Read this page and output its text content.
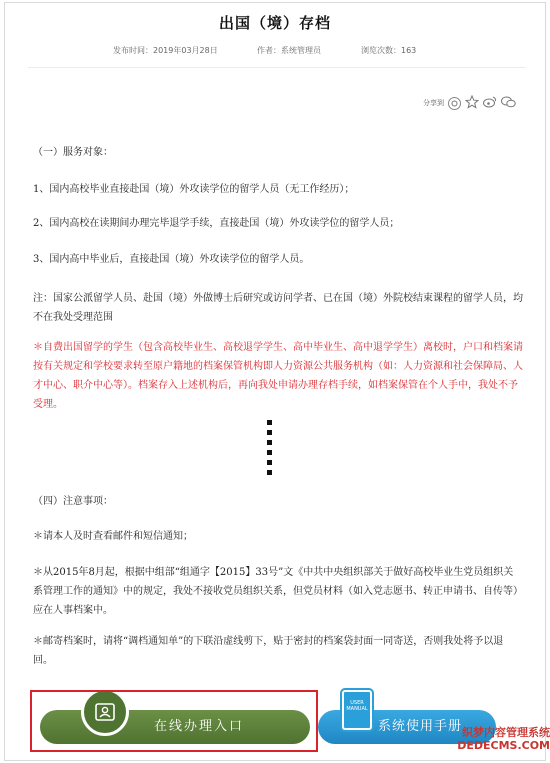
出国（境）存档
发布时间：2019年03月28日	作者：系统管理员	浏览次数：163
分享到
（一）服务对象：
1、国内高校毕业直接赴国（境）外攻读学位的留学人员（无工作经历）；
2、国内高校在读期间办理完毕退学手续，直接赴国（境）外攻读学位的留学人员；
3、国内高中毕业后，直接赴国（境）外攻读学位的留学人员。
注：国家公派留学人员、赴国（境）外做博士后研究或访问学者、已在国（境）外院校结束课程的留学人员，均不在我处受理范围
＊自费出国留学的学生（包含高校毕业生、高校退学学生、高中毕业生、高中退学学生）离校时，户口和档案请按有关规定和学校要求转至原户籍地的档案保管机构即人力资源公共服务机构（如：人力资源和社会保障局、人才中心、职介中心等）。档案存入上述机构后，再向我处申请办理存档手续，如档案保管在个人手中，我处不予受理。
（四）注意事项：
＊请本人及时查看邮件和短信通知；
＊从2015年8月起，根据中组部“组通字【2015】33号”文《中共中央组织部关于做好高校毕业生党员组织关系管理工作的通知》中的规定，我处不接收党员组织关系，但党员材料（如入党志愿书、转正申请书、自传等）应在人事档案中。
＊邮寄档案时，请将“调档通知单”的下联沿虚线剪下，贴于密封的档案袋封面一同寄送，否则我处将予以退回。
在线办理入口	系统使用手册
USER MANUAL
织梦内容管理系统
DEDECMS.COM
